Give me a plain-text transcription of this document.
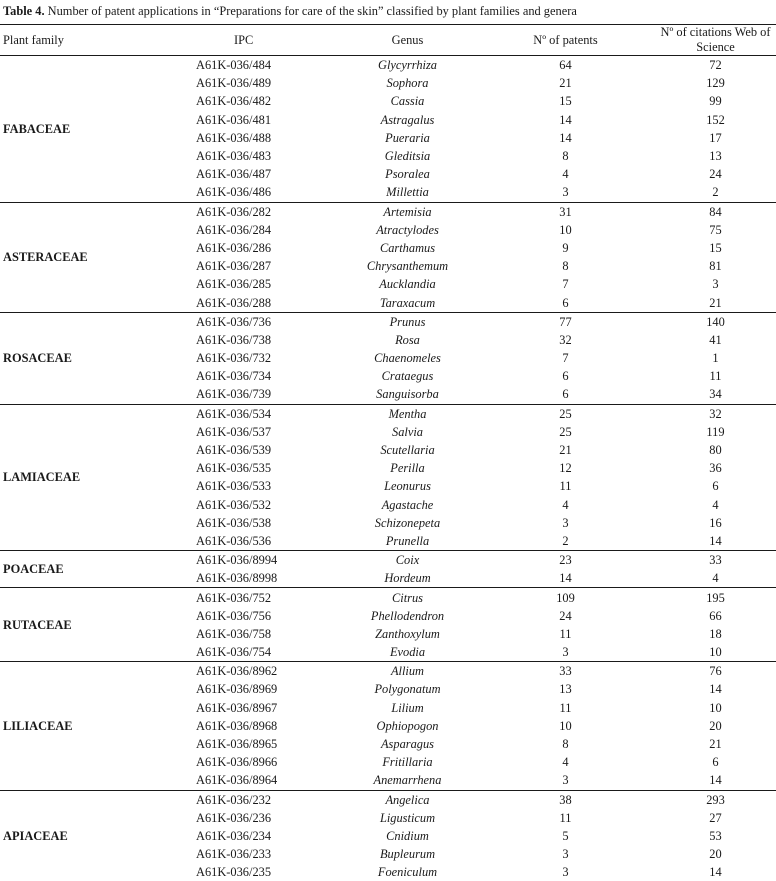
Table 4. Number of patent applications in “Preparations for care of the skin” classified by plant families and genera
Plant family	IPC	Genus	Nº of patents	Nº of citations Web of Science
FABACEAE	A61K-036/484	Glycyrrhiza	64	72
	A61K-036/489	Sophora	21	129
	A61K-036/482	Cassia	15	99
	A61K-036/481	Astragalus	14	152
	A61K-036/488	Pueraria	14	17
	A61K-036/483	Gleditsia	8	13
	A61K-036/487	Psoralea	4	24
	A61K-036/486	Millettia	3	2
ASTERACEAE	A61K-036/282	Artemisia	31	84
	A61K-036/284	Atractylodes	10	75
	A61K-036/286	Carthamus	9	15
	A61K-036/287	Chrysanthemum	8	81
	A61K-036/285	Aucklandia	7	3
	A61K-036/288	Taraxacum	6	21
ROSACEAE	A61K-036/736	Prunus	77	140
	A61K-036/738	Rosa	32	41
	A61K-036/732	Chaenomeles	7	1
	A61K-036/734	Crataegus	6	11
	A61K-036/739	Sanguisorba	6	34
LAMIACEAE	A61K-036/534	Mentha	25	32
	A61K-036/537	Salvia	25	119
	A61K-036/539	Scutellaria	21	80
	A61K-036/535	Perilla	12	36
	A61K-036/533	Leonurus	11	6
	A61K-036/532	Agastache	4	4
	A61K-036/538	Schizonepeta	3	16
	A61K-036/536	Prunella	2	14
POACEAE	A61K-036/8994	Coix	23	33
	A61K-036/8998	Hordeum	14	4
RUTACEAE	A61K-036/752	Citrus	109	195
	A61K-036/756	Phellodendron	24	66
	A61K-036/758	Zanthoxylum	11	18
	A61K-036/754	Evodia	3	10
LILIACEAE	A61K-036/8962	Allium	33	76
	A61K-036/8969	Polygonatum	13	14
	A61K-036/8967	Lilium	11	10
	A61K-036/8968	Ophiopogon	10	20
	A61K-036/8965	Asparagus	8	21
	A61K-036/8966	Fritillaria	4	6
	A61K-036/8964	Anemarrhena	3	14
APIACEAE	A61K-036/232	Angelica	38	293
	A61K-036/236	Ligusticum	11	27
	A61K-036/234	Cnidium	5	53
	A61K-036/233	Bupleurum	3	20
	A61K-036/235	Foeniculum	3	14
